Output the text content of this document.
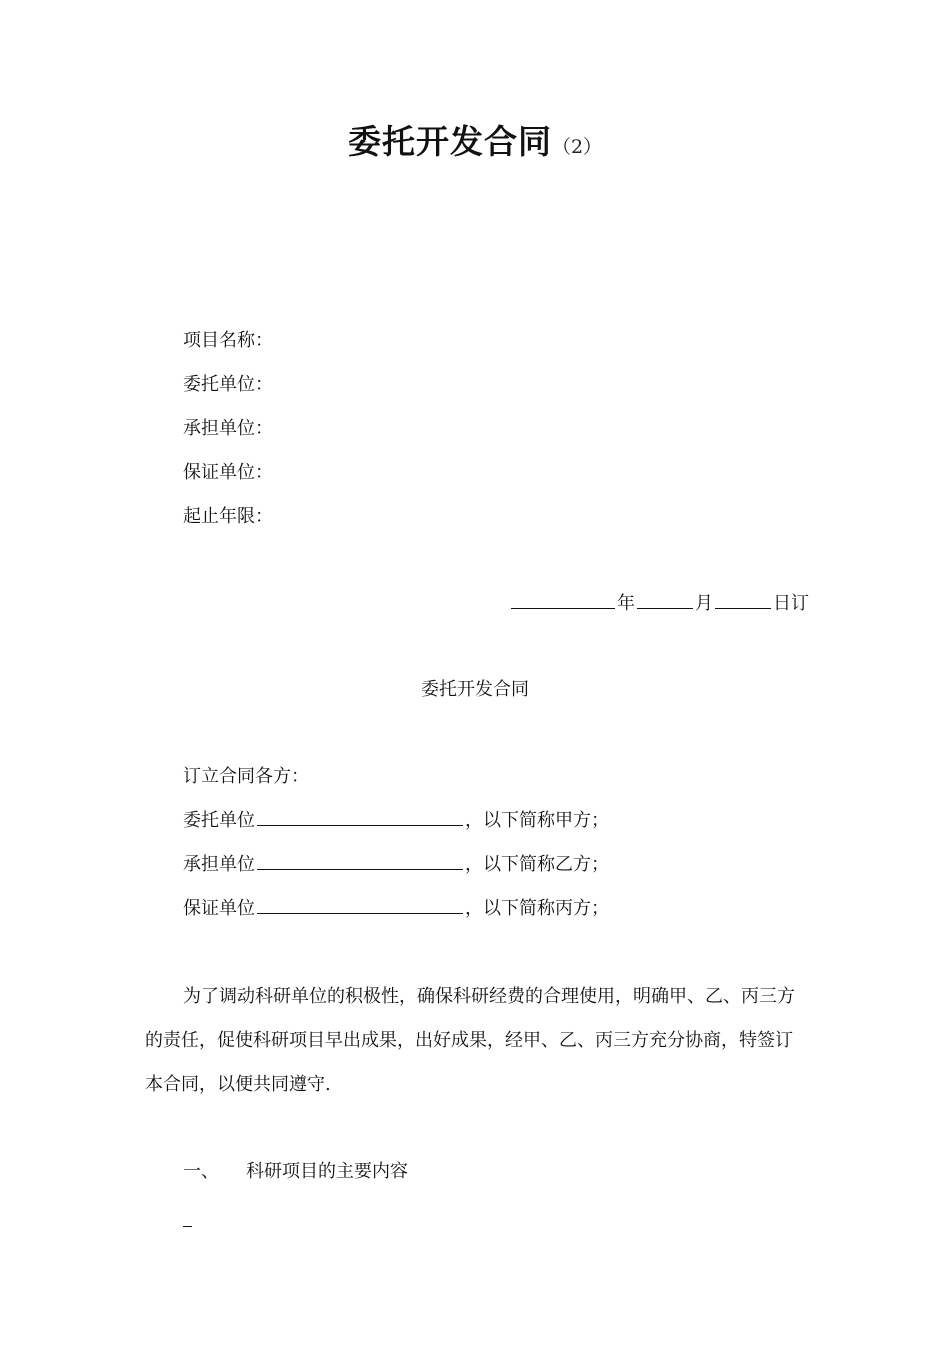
委托开发合同（2）
项目名称：
委托单位：
承担单位：
保证单位：
起止年限：
年	月	日订
委托开发合同
订立合同各方：
委托单位	，以下简称甲方；
承担单位	，以下简称乙方；
保证单位	，以下简称丙方；
为了调动科研单位的积极性，确保科研经费的合理使用，明确甲、乙、丙三方
的责任，促使科研项目早出成果，出好成果，经甲、乙、丙三方充分协商，特签订
本合同，以便共同遵守.
一、 科研项目的主要内容
